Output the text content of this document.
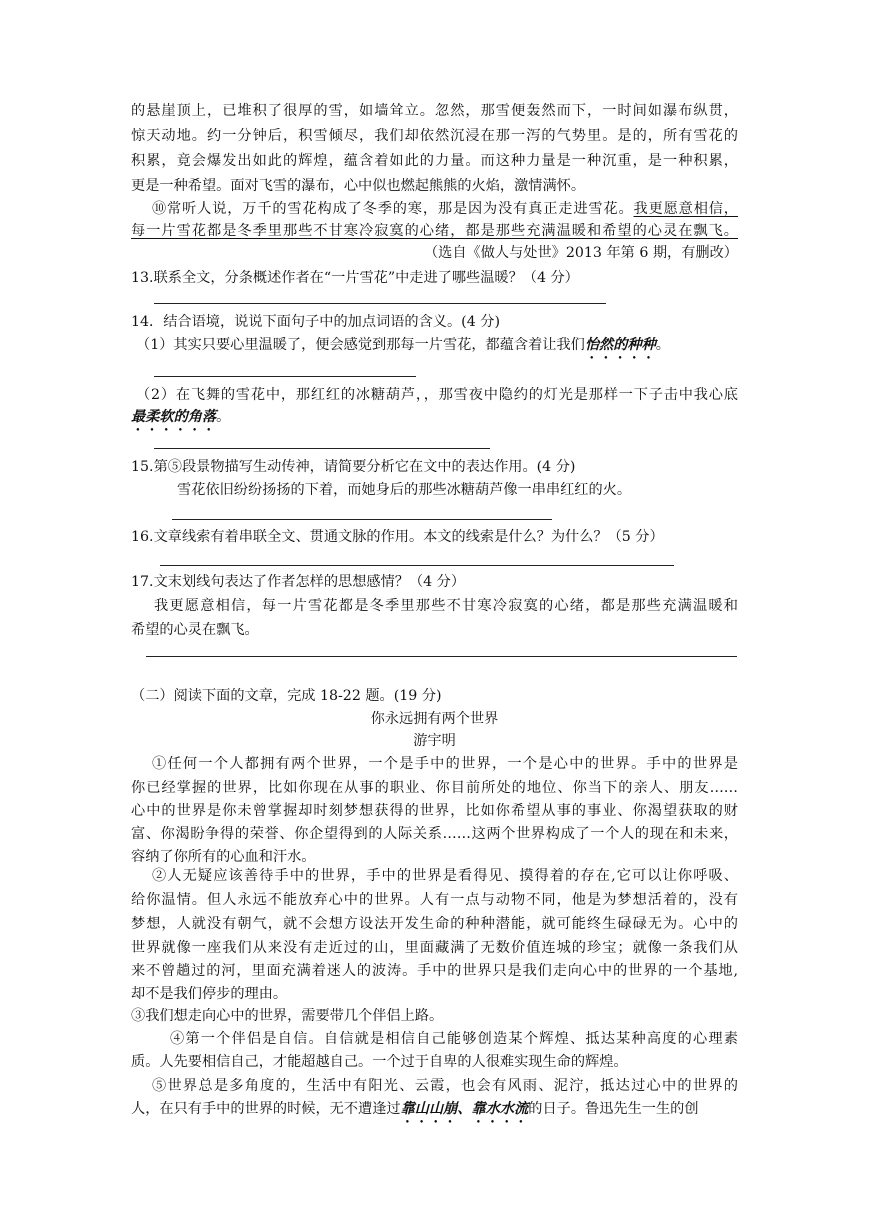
的悬崖顶上，已堆积了很厚的雪，如墙耸立。忽然，那雪便轰然而下，一时间如瀑布纵贯，
惊天动地。约一分钟后，积雪倾尽，我们却依然沉浸在那一泻的气势里。是的，所有雪花的
积累，竟会爆发出如此的辉煌，蕴含着如此的力量。而这种力量是一种沉重，是一种积累，
更是一种希望。面对飞雪的瀑布，心中似也燃起熊熊的火焰，激情满怀。
⑩常听人说，万千的雪花构成了冬季的寒，那是因为没有真正走进雪花。我更愿意相信，
每一片雪花都是冬季里那些不甘寒冷寂寞的心绪，都是那些充满温暖和希望的心灵在飘飞。
（选自《做人与处世》2013 年第 6 期，有删改）
13.联系全文，分条概述作者在“一片雪花”中走进了哪些温暖？（4 分）
14．结合语境，说说下面句子中的加点词语的含义。(4 分)
（1）其实只要心里温暖了，便会感觉到那每一片雪花，都蕴含着让我们怡然的种种。
（2）在飞舞的雪花中，那红红的冰糖葫芦，，那雪夜中隐约的灯光是那样一下子击中我心底
最柔软的角落。
15.第⑤段景物描写生动传神，请简要分析它在文中的表达作用。(4 分)
雪花依旧纷纷扬扬的下着，而她身后的那些冰糖葫芦像一串串红红的火。
16.文章线索有着串联全文、贯通文脉的作用。本文的线索是什么？为什么？（5 分）
17.文末划线句表达了作者怎样的思想感情？（4 分）
我更愿意相信，每一片雪花都是冬季里那些不甘寒冷寂寞的心绪，都是那些充满温暖和
希望的心灵在飘飞。
（二）阅读下面的文章，完成 18-22 题。(19 分)
你永远拥有两个世界
游宇明
①任何一个人都拥有两个世界，一个是手中的世界，一个是心中的世界。手中的世界是
你已经掌握的世界，比如你现在从事的职业、你目前所处的地位、你当下的亲人、朋友……
心中的世界是你未曾掌握却时刻梦想获得的世界，比如你希望从事的事业、你渴望获取的财
富、你渴盼争得的荣誉、你企望得到的人际关系……这两个世界构成了一个人的现在和未来，
容纳了你所有的心血和汗水。
②人无疑应该善待手中的世界，手中的世界是看得见、摸得着的存在,它可以让你呼吸、
给你温情。但人永远不能放弃心中的世界。人有一点与动物不同，他是为梦想活着的，没有
梦想，人就没有朝气，就不会想方设法开发生命的种种潜能，就可能终生碌碌无为。心中的
世界就像一座我们从来没有走近过的山，里面藏满了无数价值连城的珍宝；就像一条我们从
来不曾趟过的河，里面充满着迷人的波涛。手中的世界只是我们走向心中的世界的一个基地,
却不是我们停步的理由。
③我们想走向心中的世界，需要带几个伴侣上路。
④第一个伴侣是自信。自信就是相信自己能够创造某个辉煌、抵达某种高度的心理素
质。人先要相信自己，才能超越自己。一个过于自卑的人很难实现生命的辉煌。
⑤世界总是多角度的，生活中有阳光、云霞，也会有风雨、泥泞，抵达过心中的世界的
人，在只有手中的世界的时候，无不遭逢过靠山山崩、靠水水流的日子。鲁迅先生一生的创
